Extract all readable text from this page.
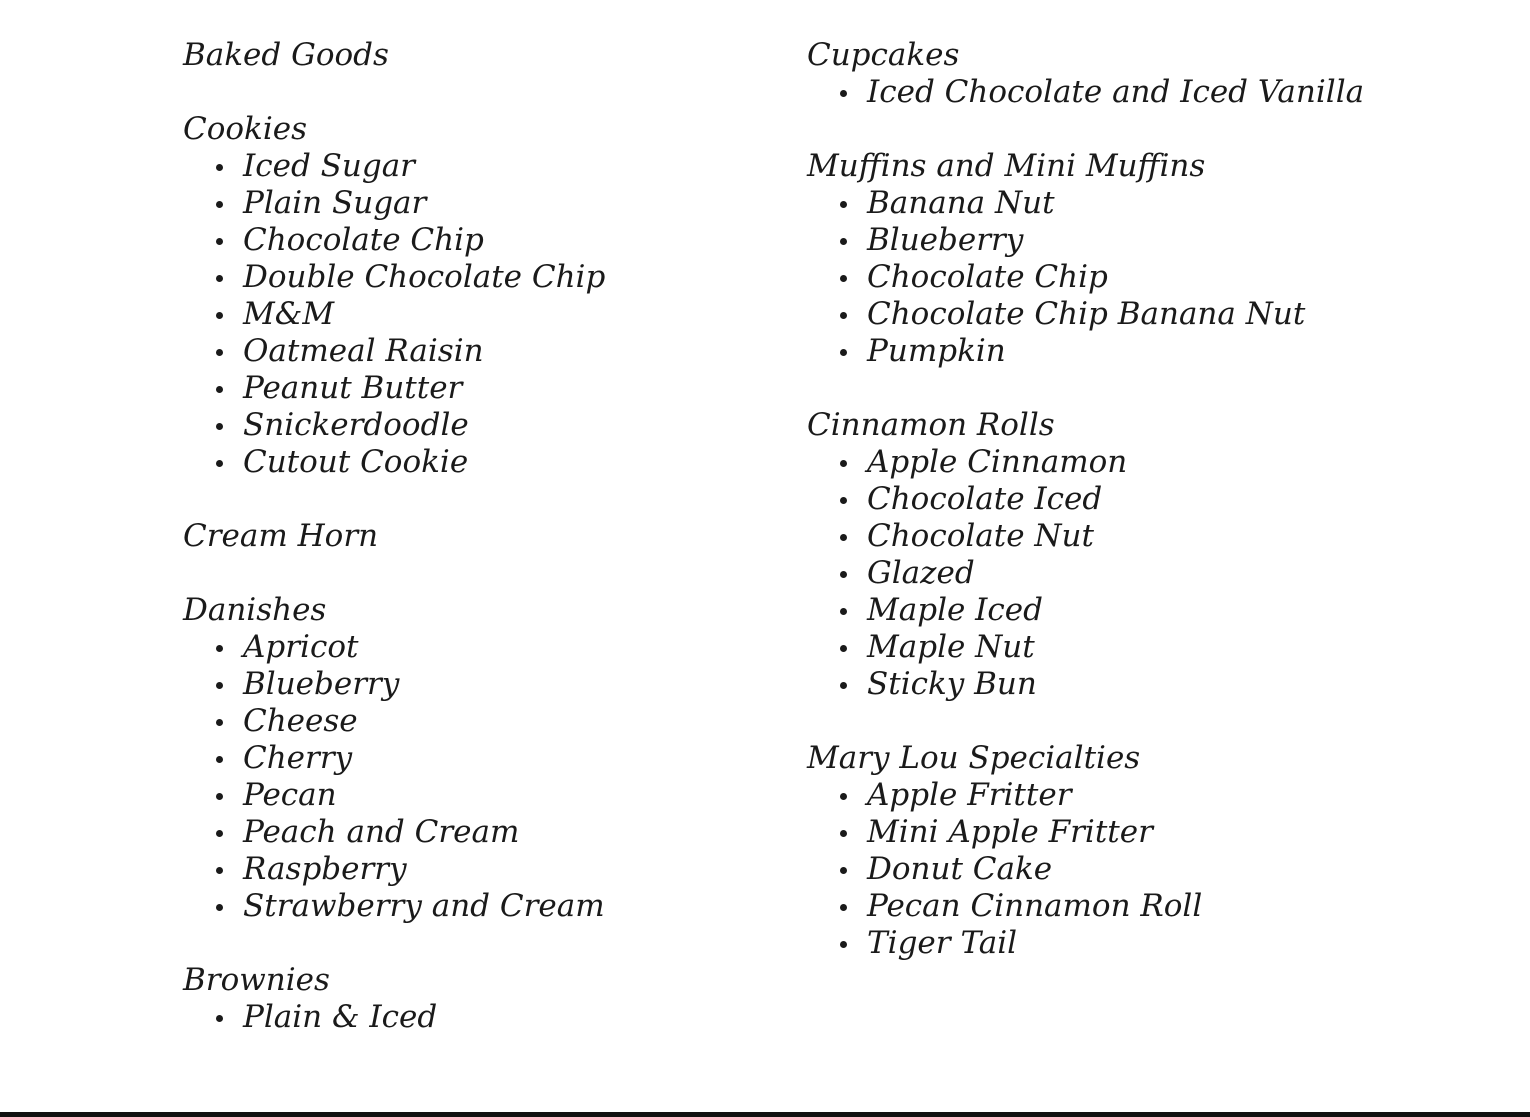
Baked Goods
Cookies
Iced Sugar
Plain Sugar
Chocolate Chip
Double Chocolate Chip
M&M
Oatmeal Raisin
Peanut Butter
Snickerdoodle
Cutout Cookie
Cream Horn
Danishes
Apricot
Blueberry
Cheese
Cherry
Pecan
Peach and Cream
Raspberry
Strawberry and Cream
Brownies
Plain & Iced
Cupcakes
Iced Chocolate and Iced Vanilla
Muffins and Mini Muffins
Banana Nut
Blueberry
Chocolate Chip
Chocolate Chip Banana Nut
Pumpkin
Cinnamon Rolls
Apple Cinnamon
Chocolate Iced
Chocolate Nut
Glazed
Maple Iced
Maple Nut
Sticky Bun
Mary Lou Specialties
Apple Fritter
Mini Apple Fritter
Donut Cake
Pecan Cinnamon Roll
Tiger Tail
